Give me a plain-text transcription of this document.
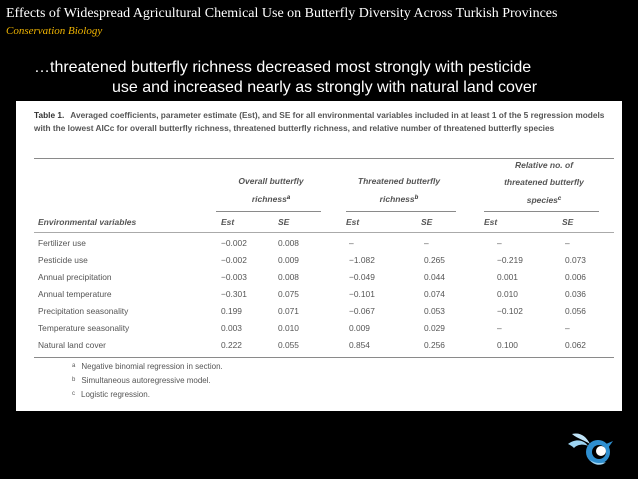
Effects of Widespread Agricultural Chemical Use on Butterfly Diversity Across Turkish Provinces
Conservation Biology
…threatened butterfly richness decreased most strongly with pesticide
use and increased nearly as strongly with natural land cover
Table 1. Averaged coefficients, parameter estimate (Est), and SE for all environmental variables included in at least 1 of the 5 regression models with the lowest AICc for overall butterfly richness, threatened butterfly richness, and relative number of threatened butterfly species
Overall butterfly
richness$^a$
Threatened butterfly
richness$^b$
Relative no. of
threatened butterfly
species$^c$
Environmental variables	Est	SE	Est	SE	Est	SE
Fertilizer use	−0.002	0.008	–	–	–	–
Pesticide use	−0.002	0.009	−1.082	0.265	−0.219	0.073
Annual precipitation	−0.003	0.008	−0.049	0.044	0.001	0.006
Annual temperature	−0.301	0.075	−0.101	0.074	0.010	0.036
Precipitation seasonality	0.199	0.071	−0.067	0.053	−0.102	0.056
Temperature seasonality	0.003	0.010	0.009	0.029	–	–
Natural land cover	0.222	0.055	0.854	0.256	0.100	0.062
$^a$ Negative binomial regression in section.
$^b$ Simultaneous autoregressive model.
$^c$ Logistic regression.
